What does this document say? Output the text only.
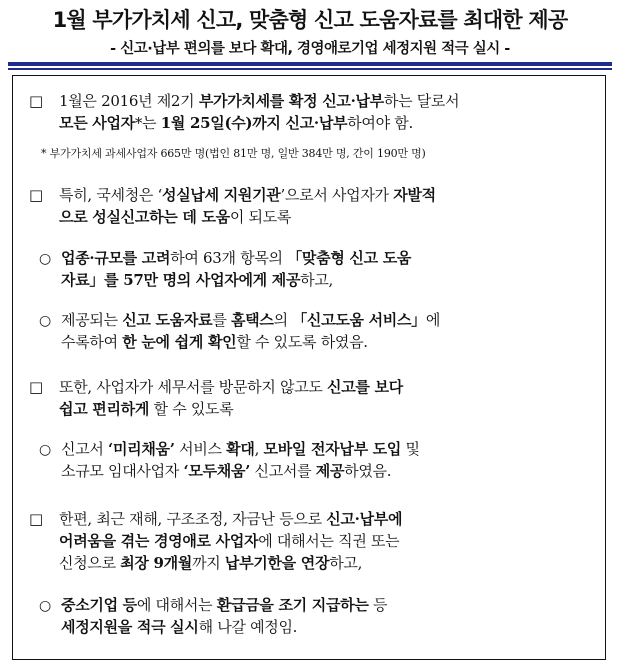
1월 부가가치세 신고, 맞춤형 신고 도움자료를 최대한 제공
- 신고·납부 편의를 보다 확대, 경영애로기업 세정지원 적극 실시 -
□ 1월은 2016년 제2기 부가가치세를 확정 신고·납부하는 달로서
모든 사업자*는 1월 25일(수)까지 신고·납부하여야 함.
* 부가가치세 과세사업자 665만 명(법인 81만 명, 일반 384만 명, 간이 190만 명)
□ 특히, 국세청은 ‘성실납세 지원기관’으로서 사업자가 자발적
으로 성실신고하는 데 도움이 되도록
○ 업종·규모를 고려하여 63개 항목의 「맞춤형 신고 도움
자료」를 57만 명의 사업자에게 제공하고,
○ 제공되는 신고 도움자료를 홈택스의 「신고도움 서비스」에
수록하여 한 눈에 쉽게 확인할 수 있도록 하였음.
□ 또한, 사업자가 세무서를 방문하지 않고도 신고를 보다
쉽고 편리하게 할 수 있도록
○ 신고서 ‘미리채움’ 서비스 확대, 모바일 전자납부 도입 및
소규모 임대사업자 ‘모두채움’ 신고서를 제공하였음.
□ 한편, 최근 재해, 구조조정, 자금난 등으로 신고·납부에
어려움을 겪는 경영애로 사업자에 대해서는 직권 또는
신청으로 최장 9개월까지 납부기한을 연장하고,
○ 중소기업 등에 대해서는 환급금을 조기 지급하는 등
세정지원을 적극 실시해 나갈 예정임.
